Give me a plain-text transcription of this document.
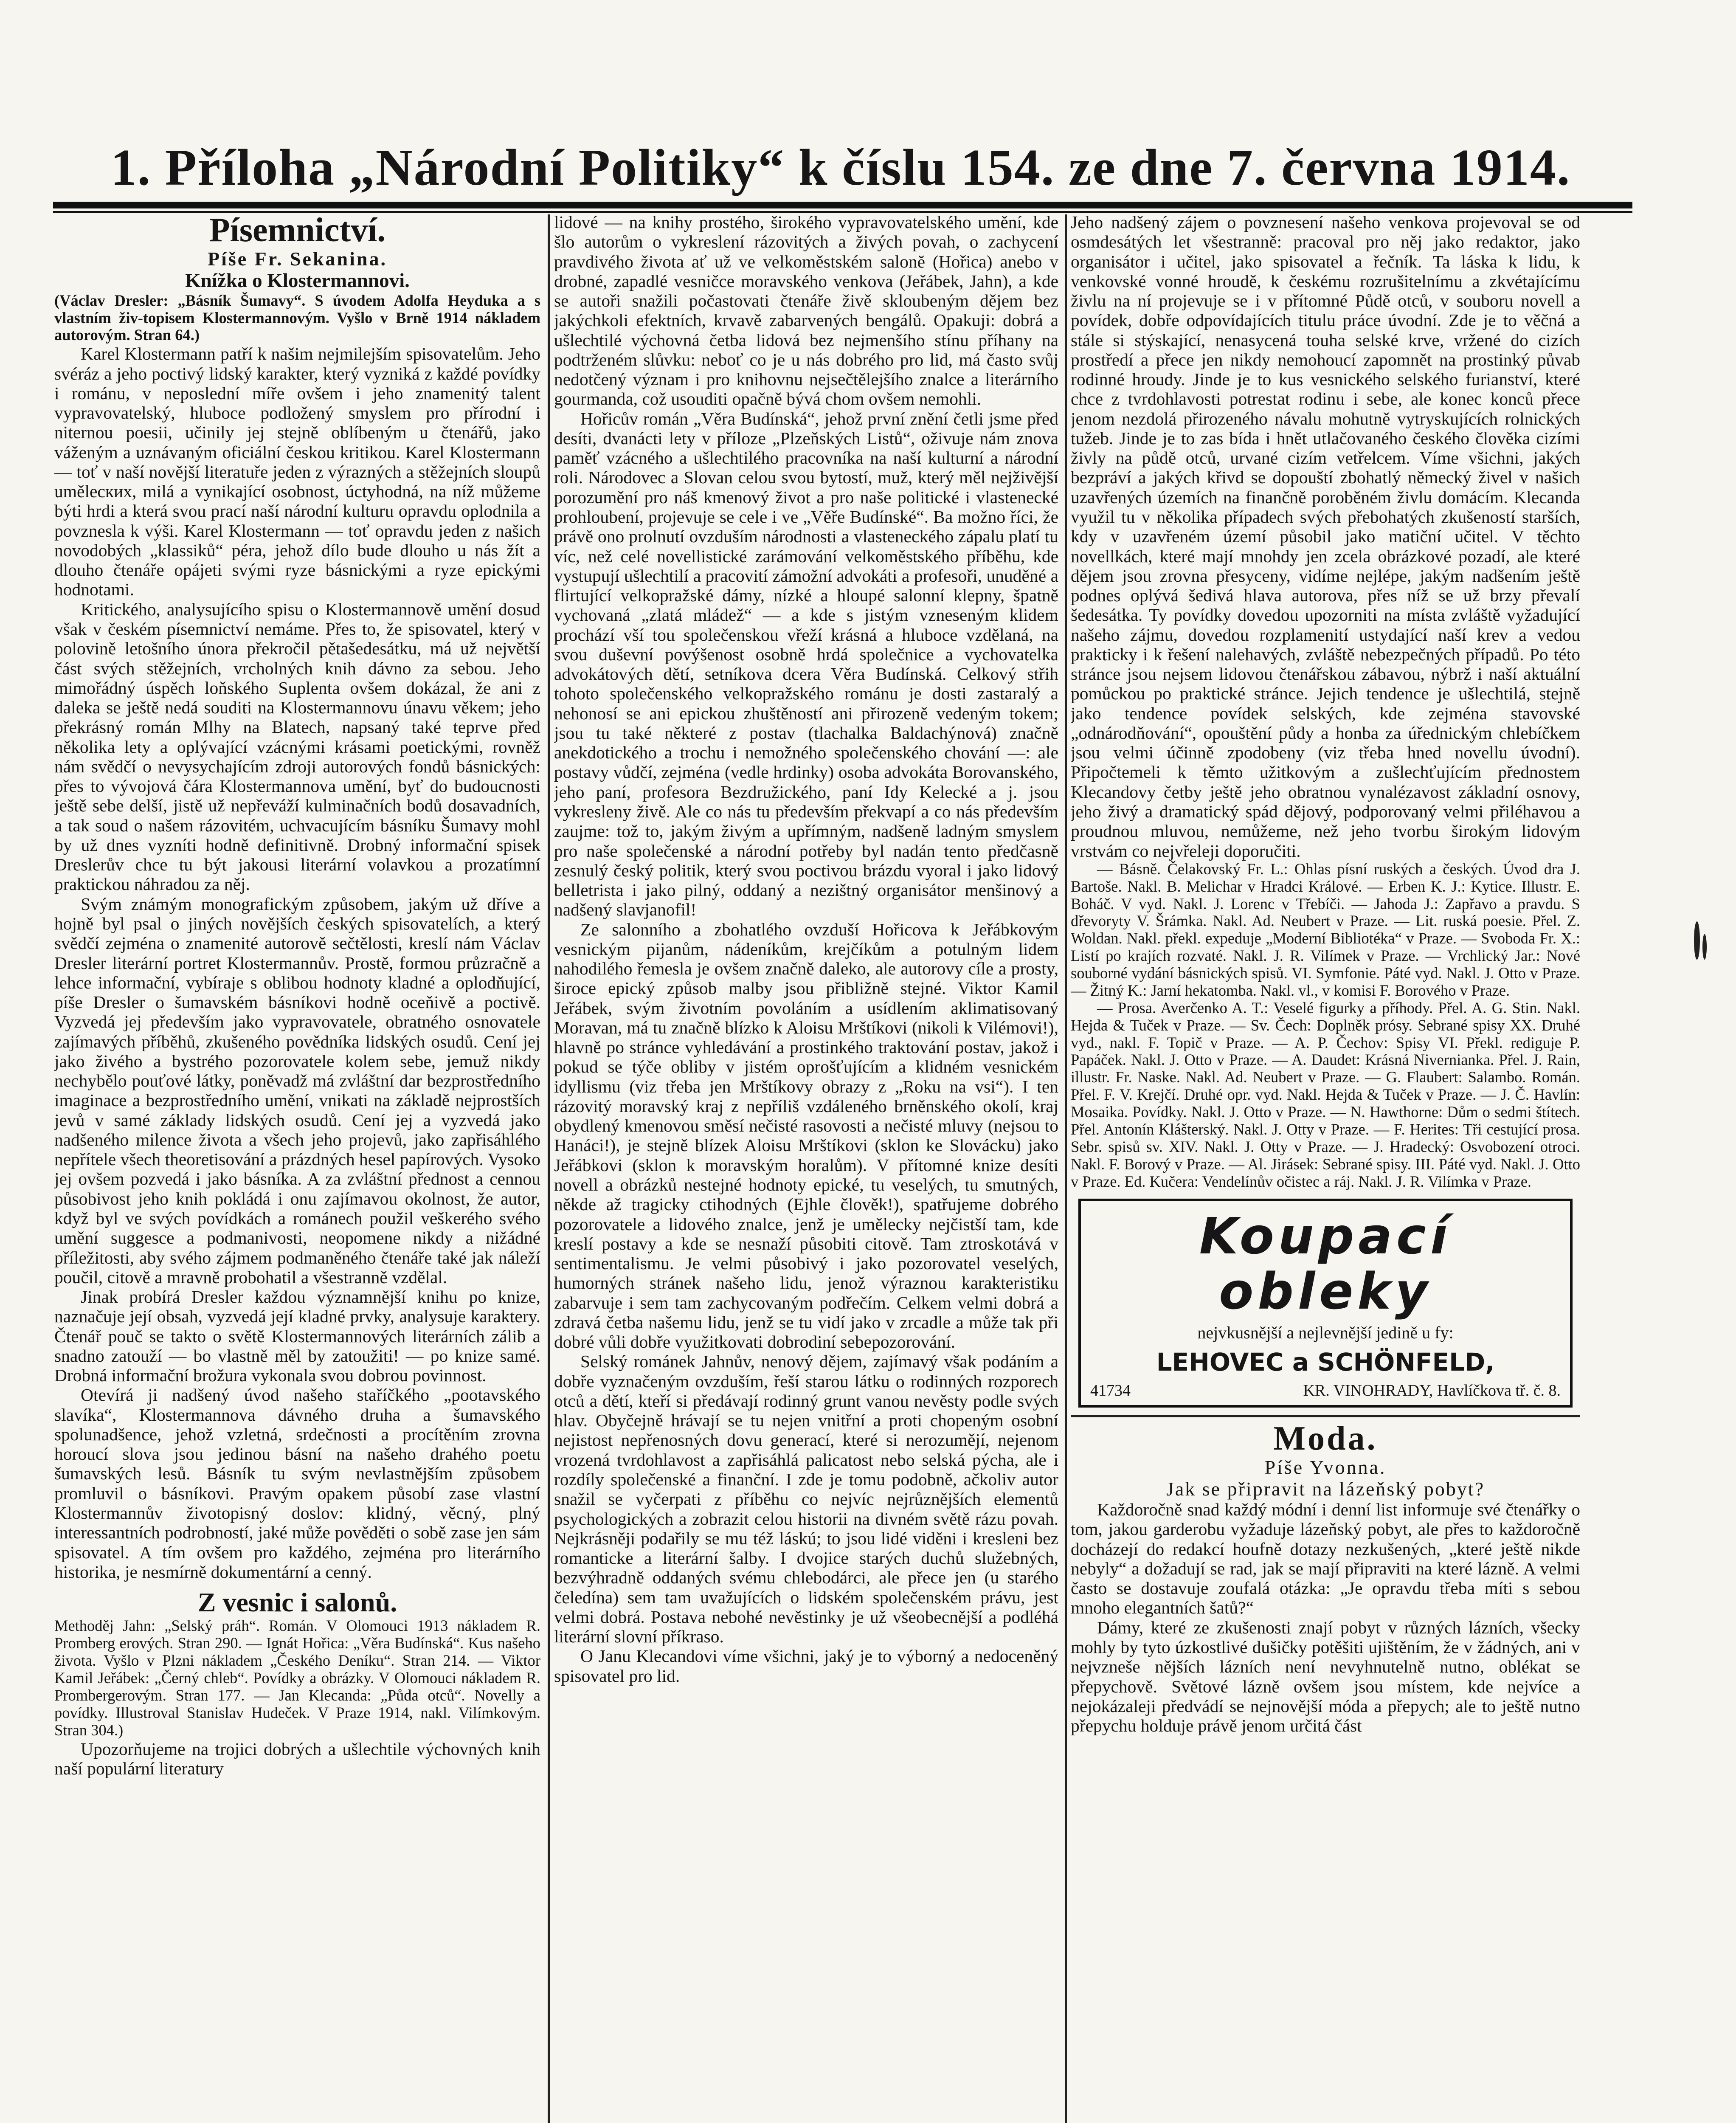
1. Příloha „Národní Politiky“ k číslu 154. ze dne 7. června 1914.
Písemnictví.
Píše Fr. Sekanina.
Knížka o Klostermannovi.

(Václav Dresler: „Básník Šumavy“. S úvodem Adolfa Heyduka a s vlastním živ-topisem Klostermannovým. Vyšlo v Brně 1914 nákladem autorovým. Stran 64.)

Karel Klostermann patří k našim nejmilejším spisovatelům. Jeho svéráz a jeho poctivý lidský karakter, který vyzniká z každé povídky i románu, v neposlední míře ovšem i jeho znamenitý talent vypravovatelský, hluboce podložený smyslem pro přírodní i niternou poesii, učinily jej stejně oblíbeným u čtenářů, jako váženým a uznávaným oficiální českou kritikou. Karel Klostermann — toť v naší novější literatuře jeden z výrazných a stěžejních sloupů umělecких, milá a vynikající osobnost, úctyhodná, na níž můžeme býti hrdi a která svou prací naší národní kulturu opravdu oplodnila a povznesla k výši. Karel Klostermann — toť opravdu jeden z našich novodobých „klassiků“ péra, jehož dílo bude dlouho u nás žít a dlouho čtenáře opájeti svými ryze básnickými a ryze epickými hodnotami.

Kritického, analysujícího spisu o Klostermannově umění dosud však v českém písemnictví nemáme. Přes to, že spisovatel, který v polovině letošního února překročil pětašedesátku, má už největší část svých stěžejních, vrcholných knih dávno za sebou. Jeho mimořádný úspěch loňského Suplenta ovšem dokázal, že ani z daleka se ještě nedá souditi na Klostermannovu únavu věkem; jeho překrásný román Mlhy na Blatech, napsaný také teprve před několika lety a oplývající vzácnými krásami poetickými, rovněž nám svědčí o nevysychajícím zdroji autorových fondů básnických: přes to vývojová čára Klostermannova umění, byť do budoucnosti ještě sebe delší, jistě už nepřeváží kulminačních bodů dosavadních, a tak soud o našem rázovitém, uchvacujícím básníku Šumavy mohl by už dnes vyzníti hodně definitivně. Drobný informační spisek Dreslerův chce tu být jakousi literární volavkou a prozatímní praktickou náhradou za něj.

Svým známým monografickým způsobem, jakým už dříve a hojně byl psal o jiných novějších českých spisovatelích, a který svědčí zejména o znamenité autorově sečtělosti, kreslí nám Václav Dresler literární portret Klostermannův. Prostě, formou průzračně a lehce informační, vybíraje s oblibou hodnoty kladné a oplodňující, píše Dresler o šumavském básníkovi hodně oceňivě a poctivě. Vyzvedá jej především jako vypravovatele, obratného osnovatele zajímavých příběhů, zkušeného povědníka lidských osudů. Cení jej jako živého a bystrého pozorovatele kolem sebe, jemuž nikdy nechybělo pouťové látky, poněvadž má zvláštní dar bezprostředního imaginace a bezprostředního umění, vnikati na základě nejprostších jevů v samé základy lidských osudů. Cení jej a vyzvedá jako nadšeného milence života a všech jeho projevů, jako zapřisáhlého nepřítele všech theoretisování a prázdných hesel papírových. Vysoko jej ovšem pozvedá i jako básníka. A za zvláštní přednost a cennou působivost jeho knih pokládá i onu zajímavou okolnost, že autor, když byl ve svých povídkách a románech použil veškerého svého umění suggesce a podmanivosti, neopomene nikdy a nižádné příležitosti, aby svého zájmem podmaněného čtenáře také jak náleží poučil, citově a mravně probohatil a všestranně vzdělal.

Jinak probírá Dresler každou významnější knihu po knize, naznačuje její obsah, vyzvedá její kladné prvky, analysuje karaktery. Čtenář pouč se takto o světě Klostermannových literárních zálib a snadno zatouží — bo vlastně měl by zatoužiti! — po knize samé. Drobná informační brožura vykonala svou dobrou povinnost.

Otevírá ji nadšený úvod našeho staříčkého „pootavského slavíka“, Klostermannova dávného druha a šumavského spolunadšence, jehož vzletná, srdečnosti a procítěním zrovna horoucí slova jsou jedinou básní na našeho drahého poetu šumavských lesů. Básník tu svým nevlastnějším způsobem promluvil o básníkovi. Pravým opakem působí zase vlastní Klostermannův životopisný doslov: klidný, věcný, plný interessantních podrobností, jaké může pověděti o sobě zase jen sám spisovatel. A tím ovšem pro každého, zejména pro literárního historika, je nesmírně dokumentární a cenný.

Z vesnic i salonů.

Methoděj Jahn: „Selský práh“. Román. V Olomouci 1913 nákladem R. Promberg erových. Stran 290. — Ignát Hořica: „Věra Budínská“. Kus našeho života. Vyšlo v Plzni nákladem „Českého Deníku“. Stran 214. — Viktor Kamil Jeřábek: „Černý chleb“. Povídky a obrázky. V Olomouci nákladem R. Prombergerovým. Stran 177. — Jan Klecanda: „Půda otců“. Novelly a povídky. Illustroval Stanislav Hudeček. V Praze 1914, nakl. Vilímkovým. Stran 304.)

Upozorňujeme na trojici dobrých a ušlechtile výchovných knih naší populární literatury

lidové — na knihy prostého, širokého vypravovatelského umění, kde šlo autorům o vykreslení rázovitých a živých povah, o zachycení pravdivého života ať už ve velkoměstském salonĕ (Hořica) anebo v drobné, zapadlé vesničce moravského venkova (Jeřábek, Jahn), a kde se autoři snažili počastovati čtenáře živě skloubeným dějem bez jakýchkoli efektních, krvavě zabarvených bengálů. Opakuji: dobrá a ušlechtilé výchovná četba lidová bez nejmenšího stínu příhany na podtrženém slůvku: neboť co je u nás dobrého pro lid, má často svůj nedotčený význam i pro knihovnu nejsečtělejšího znalce a literárního gourmanda, což usouditi opačně bývá chom ovšem nemohli.

Hořicův román „Věra Budínská“, jehož první znění četli jsme před desíti, dvanácti lety v příloze „Plzeňských Listů“, oživuje nám znova paměť vzácného a ušlechtilého pracovníka na naší kulturní a národní roli. Národovec a Slovan celou svou bytostí, muž, který měl nejživější porozumění pro náš kmenový život a pro naše politické i vlastenecké prohloubení, projevuje se cele i ve „Věře Budínské“. Ba možno říci, že právě ono prolnutí ovzduším národnosti a vlasteneckého zápalu platí tu víc, než celé novellistické zarámování velkoměstského příběhu, kde vystupují ušlechtilí a pracovití zámožní advokáti a profesoři, unuděné a flirtující velkopražské dámy, nízké a hloupé salonní klepny, špatně vychovaná „zlatá mládež“ — a kde s jistým vzneseným klidem prochází vší tou společenskou vřeží krásná a hluboce vzdělaná, na svou duševní povýšenost osobně hrdá společnice a vychovatelka advokátových dětí, setníkova dcera Věra Budínská. Celkový střih tohoto společenského velkopražského románu je dosti zastaralý a nehonosí se ani epickou zhuštěností ani přirozeně vedeným tokem; jsou tu také některé z postav (tlachalka Baldachýnová) značně anekdotického a trochu i nemožného společenského chování —: ale postavy vůdčí, zejména (vedle hrdinky) osoba advokáta Borovanského, jeho paní, profesora Bezdružického, paní Idy Kelecké a j. jsou vykresleny živě. Ale co nás tu především překvapí a co nás především zaujme: tož to, jakým živým a upřímným, nadšeně ladným smyslem pro naše společenské a národní potřeby byl nadán tento předčasně zesnulý český politik, který svou poctivou brázdu vyoral i jako lidový belletrista i jako pilný, oddaný a nezištný organisátor menšinový a nadšený slavjanofil!

Ze salonního a zbohatlého ovzduší Hořicova k Jeřábkovým vesnickým pijanům, nádeníkům, krejčíkům a potulným lidem nahodilého řemesla je ovšem značně daleko, ale autorovy cíle a prosty, široce epický způsob malby jsou přibližně stejné. Viktor Kamil Jeřábek, svým životním povoláním a usídlením aklimatisovaný Moravan, má tu značně blízko k Aloisu Mrštíkovi (nikoli k Vilémovi!), hlavně po stránce vyhledávání a prostinkého traktování postav, jakož i pokud se týče obliby v jistém oprošťujícím a klidném vesnickém idyllismu (viz třeba jen Mrštíkovy obrazy z „Roku na vsi“). I ten rázovitý moravský kraj z nepříliš vzdáleného brněnského okolí, kraj obydlený kmenovou směsí nečisté rasovosti a nečisté mluvy (nejsou to Hanáci!), je stejně blízek Aloisu Mrštíkovi (sklon ke Slovácku) jako Jeřábkovi (sklon k moravským horalům). V přítomné knize desíti novell a obrázků nestejné hodnoty epické, tu veselých, tu smutných, někde až tragicky ctihodných (Ejhle člověk!), spatřujeme dobrého pozorovatele a lidového znalce, jenž je umělecky nejčistší tam, kde kreslí postavy a kde se nesnaží působiti citově. Tam ztroskotává v sentimentalismu. Je velmi působivý i jako pozorovatel veselých, humorných stránek našeho lidu, jenož výraznou karakteristiku zabarvuje i sem tam zachycovaným podřečím. Celkem velmi dobrá a zdravá četba našemu lidu, jenž se tu vidí jako v zrcadle a může tak při dobré vůli dobře využitkovati dobrodiní sebepozorování.

Selský románek Jahnův, nenový dějem, zajímavý však podáním a dobře vyznačeným ovzduším, řeší starou látku o rodinných rozporech otců a dětí, kteří si předávají rodinný grunt vanou nevěsty podle svých hlav. Obyčejně hrávají se tu nejen vnitřní a proti chopeným osobní nejistost nepřenosných dovu generací, které si nerozumějí, nejenom vrozená tvrdohlavost a zapřisáhlá palicatost nebo selská pýcha, ale i rozdíly společenské a finanční. I zde je tomu podobně, ačkoliv autor snažil se vyčerpati z příběhu co nejvíc nejrůznějších elementů psychologických a zobrazit celou historii na divném světě rázu povah. Nejkrásněji podařily se mu též láskú; to jsou lidé viděni i kresleni bez romanticke a literární šalby. I dvojice starých duchů služebných, bezvýhradně oddaných svému chlebodárci, ale přece jen (u starého čeledína) sem tam uvažujících o lidském společenském právu, jest velmi dobrá. Postava nebohé nevěstinky je už všeobecnější a podléhá literární slovní příkraso.

O Janu Klecandovi víme všichni, jaký je to výborný a nedoceněný spisovatel pro lid.

Jeho nadšený zájem o povznesení našeho venkova projevoval se od osmdesátých let všestranně: pracoval pro něj jako redaktor, jako organisátor i učitel, jako spisovatel a řečník. Ta láska k lidu, k venkovské vonné hroudě, k českému rozrušitelnímu a zkvétajícímu živlu na ní projevuje se i v přítomné Půdě otců, v souboru novell a povídek, dobře odpovídajících titulu práce úvodní. Zde je to věčná a stále si stýskající, nenasycená touha selské krve, vržené do cizích prostředí a přece jen nikdy nemohoucí zapomnět na prostinký půvab rodinné hroudy. Jinde je to kus vesnického selského furianství, které chce z tvrdohlavosti potrestat rodinu i sebe, ale konec konců přece jenom nezdolá přirozeného návalu mohutně vytryskujících rolnických tužeb. Jinde je to zas bída i hnět utlačovaného českého člověka cizími živly na půdě otců, urvané cizím vetřelcem. Víme všichni, jakých bezpráví a jakých křivd se dopouští zbohatlý německý živel v našich uzavřených územích na finančně poroběném živlu domácím. Klecanda využil tu v několika případech svých přebohatých zkušeností starších, kdy v uzavřeném území působil jako matiční učitel. V těchto novellkách, které mají mnohdy jen zcela obrázkové pozadí, ale které dějem jsou zrovna přesyceny, vidíme nejlépe, jakým nadšením ještě podnes oplývá šedivá hlava autorova, přes níž se už brzy převalí šedesátka. Ty povídky dovedou upozorniti na místa zvláště vyžadující našeho zájmu, dovedou rozplamenití ustydající naší krev a vedou prakticky i k řešení nalehavých, zvláště nebezpečných případů. Po této stránce jsou nejsem lidovou čtenářskou zábavou, nýbrž i naší aktuální pomůckou po praktické stránce. Jejich tendence je ušlechtilá, stejně jako tendence povídek selských, kde zejména stavovské „odnárodňování“, opouštění půdy a honba za úřednickým chlebíčkem jsou velmi účinně zpodobeny (viz třeba hned novellu úvodní). Připočtemeli k těmto užitkovým a zušlechťujícím přednostem Klecandovy četby ještě jeho obratnou vynalézavost základní osnovy, jeho živý a dramatický spád dějový, podporovaný velmi přiléhavou a proudnou mluvou, nemůžeme, než jeho tvorbu širokým lidovým vrstvám co nejvřeleji doporučiti.

— Básně. Čelakovský Fr. L.: Ohlas písní ruských a českých. Úvod dra J. Bartoše. Nakl. B. Melichar v Hradci Králové. — Erben K. J.: Kytice. Illustr. E. Boháč. V vyd. Nakl. J. Lorenc v Třebíči. — Jahoda J.: Zapřavo a pravdu. S dřevoryty V. Šrámka. Nakl. Ad. Neubert v Praze. — Lit. ruská poesie. Přel. Z. Woldan. Nakl. překl. expeduje „Moderní Bibliotéka“ v Praze. — Svoboda Fr. X.: Listí po krajích rozvaté. Nakl. J. R. Vilímek v Praze. — Vrchlický Jar.: Nové souborné vydání básnických spisů. VI. Symfonie. Páté vyd. Nakl. J. Otto v Praze. — Žitný K.: Jarní hekatomba. Nakl. vl., v komisi F. Borového v Praze.

— Prosa. Averčenko A. T.: Veselé figurky a příhody. Přel. A. G. Stin. Nakl. Hejda & Tuček v Praze. — Sv. Čech: Doplněk prósy. Sebrané spisy XX. Druhé vyd., nakl. F. Topič v Praze. — A. P. Čechov: Spisy VI. Překl. rediguje P. Papáček. Nakl. J. Otto v Praze. — A. Daudet: Krásná Nivernianka. Přel. J. Rain, illustr. Fr. Naske. Nakl. Ad. Neubert v Praze. — G. Flaubert: Salambo. Román. Přel. F. V. Krejčí. Druhé opr. vyd. Nakl. Hejda & Tuček v Praze. — J. Č. Havlín: Mosaika. Povídky. Nakl. J. Otto v Praze. — N. Hawthorne: Dům o sedmi štítech. Přel. Antonín Klášterský. Nakl. J. Otty v Praze. — F. Herites: Tři cestující prosa. Sebr. spisů sv. XIV. Nakl. J. Otty v Praze. — J. Hradecký: Osvobození otroci. Nakl. F. Borový v Praze. — Al. Jirásek: Sebrané spisy. III. Páté vyd. Nakl. J. Otto v Praze. Ed. Kučera: Vendelínův očistec a ráj. Nakl. J. R. Vilímka v Praze.

Koupací obleky
nejvkusnější a nejlevnější jedině u fy:
LEHOVEC a SCHÖNFELD,
41734	KR. VINOHRADY, Havlíčkova tř. č. 8.
Moda.
Píše Yvonna.
Jak se připravit na lázeňský pobyt?

Každoročně snad každý módní i denní list informuje své čtenářky o tom, jakou garderobu vyžaduje lázeňský pobyt, ale přes to každoročně docházejí do redakcí houfně dotazy nezkušených, „které ještě nikde nebyly“ a dožadují se rad, jak se mají připraviti na které lázně. A velmi často se dostavuje zoufalá otázka: „Je opravdu třeba míti s sebou mnoho elegantních šatů?“

Dámy, které ze zkušenosti znají pobyt v různých lázních, všecky mohly by tyto úzkostlivé dušičky potěšiti ujištěním, že v žádných, ani v nejvzneše nějších lázních není nevyhnutelně nutno, oblékat se přepychově. Světové lázně ovšem jsou místem, kde nejvíce a nejokázaleji předvádí se nejnovější móda a přepych; ale to ještě nutno přepychu holduje právě jenom určitá část
